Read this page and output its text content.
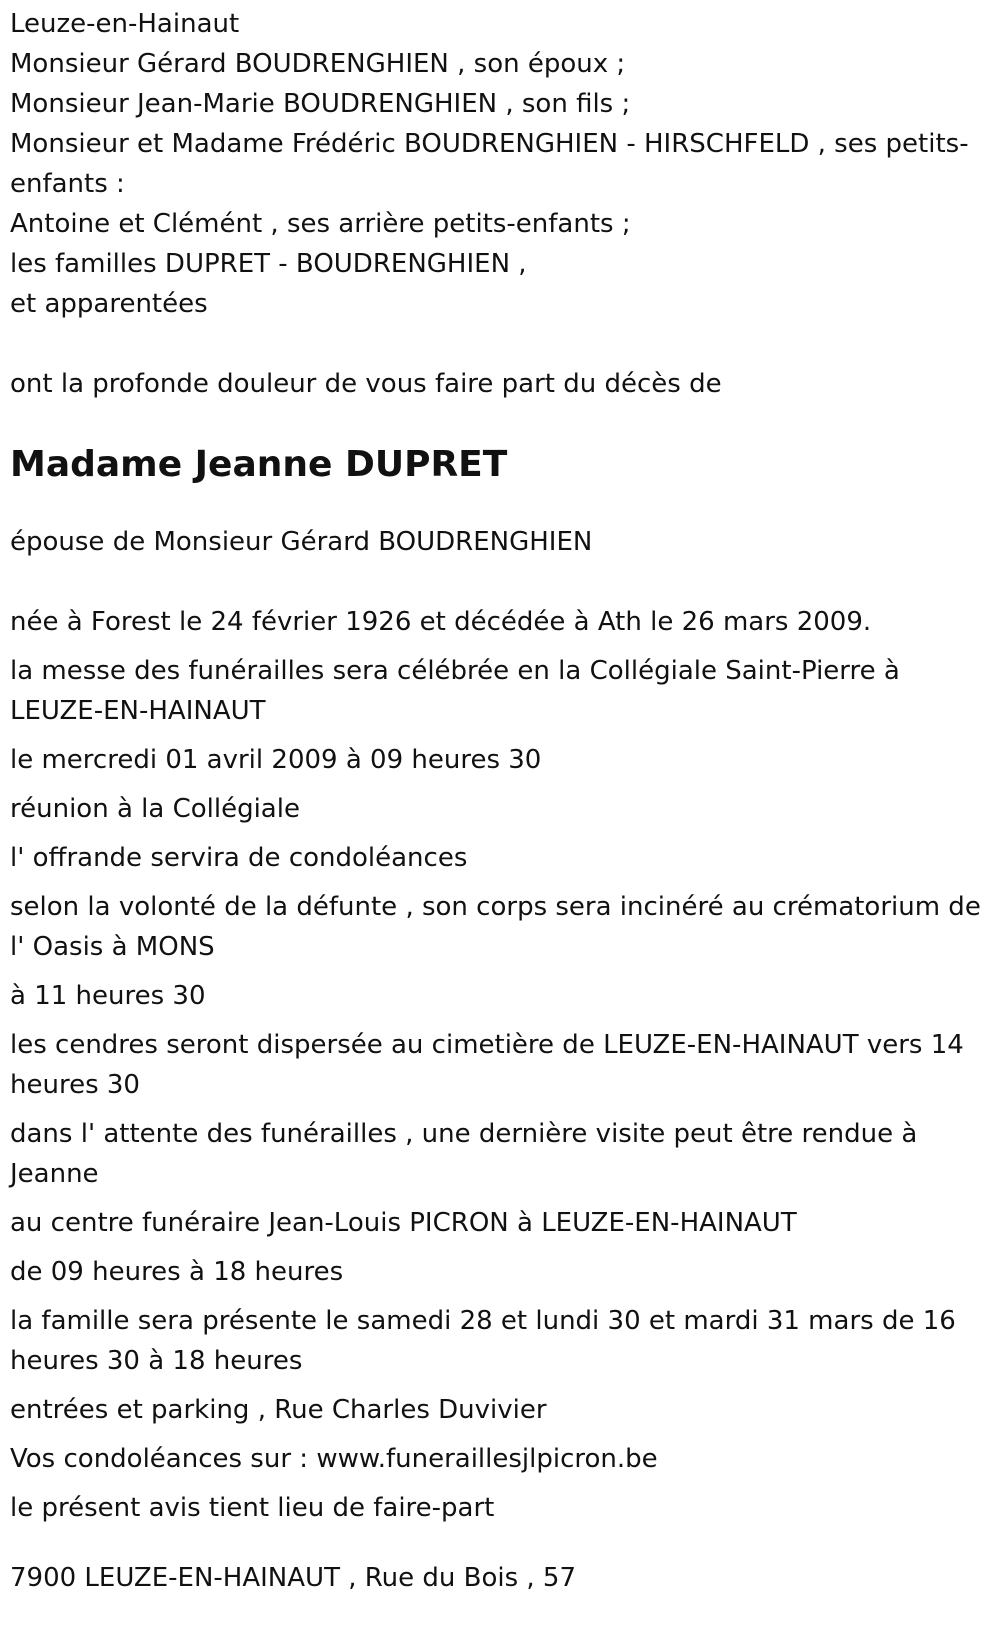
Leuze-en-Hainaut
Monsieur Gérard BOUDRENGHIEN , son époux ;
Monsieur Jean-Marie BOUDRENGHIEN , son fils ;
Monsieur et Madame Frédéric BOUDRENGHIEN - HIRSCHFELD , ses petits-enfants :
Antoine et Clémént , ses arrière petits-enfants ;
les familles DUPRET - BOUDRENGHIEN ,
et apparentées
ont la profonde douleur de vous faire part du décès de
Madame Jeanne DUPRET
épouse de Monsieur Gérard BOUDRENGHIEN
née à Forest le 24 février 1926 et décédée à Ath le 26 mars 2009.
la messe des funérailles sera célébrée en la Collégiale Saint-Pierre à LEUZE-EN-HAINAUT
le mercredi 01 avril 2009 à 09 heures 30
réunion à la Collégiale
l' offrande servira de condoléances
selon la volonté de la défunte , son corps sera incinéré au crématorium de l' Oasis à MONS
à 11 heures 30
les cendres seront dispersée au cimetière de LEUZE-EN-HAINAUT vers 14 heures 30
dans l' attente des funérailles , une dernière visite peut être rendue à Jeanne
au centre funéraire Jean-Louis PICRON à LEUZE-EN-HAINAUT
de 09 heures à 18 heures
la famille sera présente le samedi 28 et lundi 30 et mardi 31 mars de 16 heures 30 à 18 heures
entrées et parking , Rue Charles Duvivier
Vos condoléances sur : www.funeraillesjlpicron.be
le présent avis tient lieu de faire-part
7900 LEUZE-EN-HAINAUT , Rue du Bois , 57
